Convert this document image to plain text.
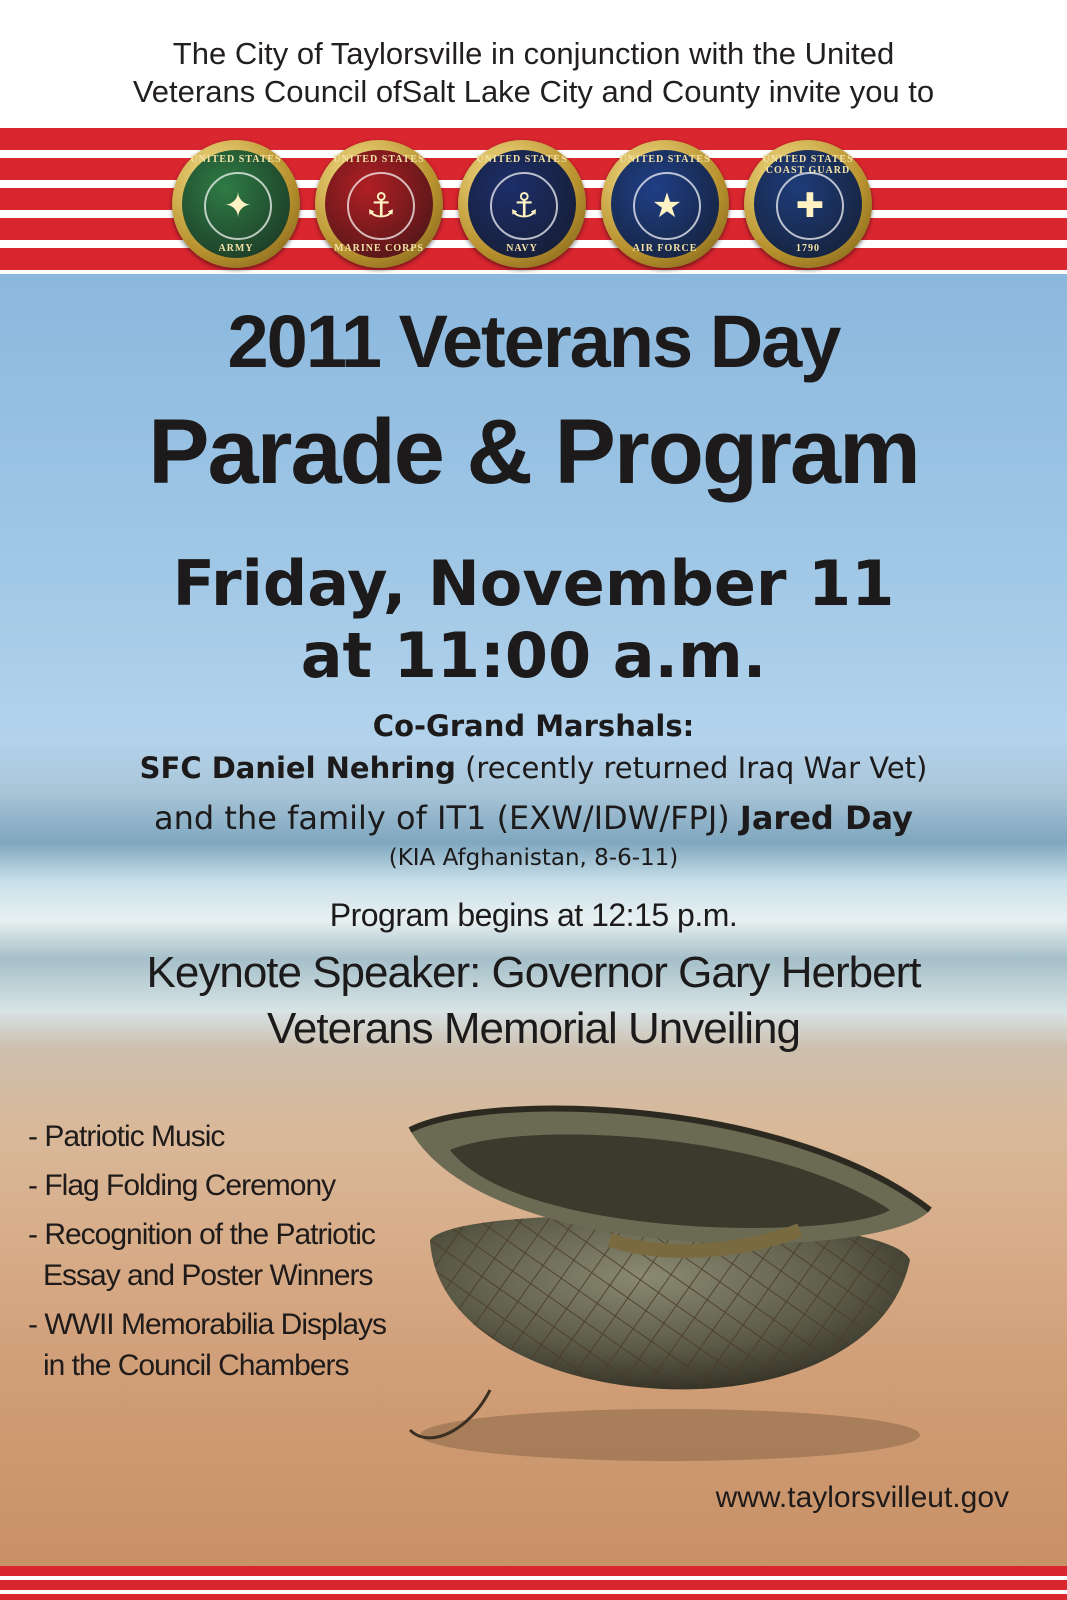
The City of Taylorsville in conjunction with the United
Veterans Council ofSalt Lake City and County invite you to
UNITED STATES
✦
ARMY
UNITED STATES
⚓
MARINE CORPS
UNITED STATES
⚓
NAVY
UNITED STATES
★
AIR FORCE
UNITED STATES COAST GUARD
✚
1790
2011 Veterans Day
Parade & Program
Friday, November 11
at 11:00 a.m.
Co-Grand Marshals:
SFC Daniel Nehring (recently returned Iraq War Vet)
and the family of IT1 (EXW/IDW/FPJ) Jared Day
(KIA Afghanistan, 8-6-11)
Program begins at 12:15 p.m.
Keynote Speaker: Governor Gary Herbert
Veterans Memorial Unveiling
- Patriotic Music
- Flag Folding Ceremony
- Recognition of the Patriotic Essay and Poster Winners
- WWII Memorabilia Displays in the Council Chambers
www.taylorsvilleut.gov
